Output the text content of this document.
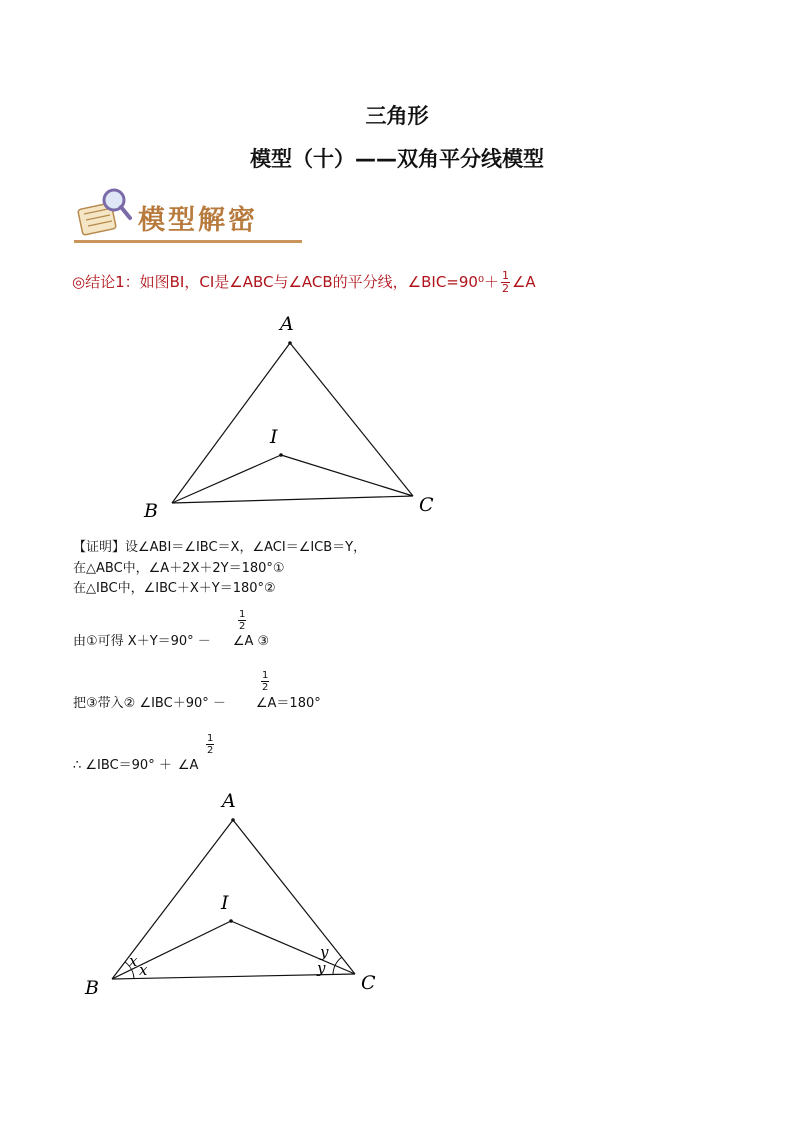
三角形
模型（十）——双角平分线模型
模型解密
◎结论1：如图BI，CI是∠ABC与∠ACB的平分线，∠BIC=90⁰＋ $\frac{1}{2}$ ∠A
A
B	C
I
【证明】设∠ABI＝∠IBC＝X，∠ACI＝∠ICB＝Y，
在△ABC中，∠A＋2X＋2Y＝180°①
在△IBC中，∠IBC＋X＋Y＝180°②
由①可得 X＋Y＝90° － ∠A ③
1
2
把③带入② ∠IBC＋90° － ∠A＝180°
1
2
∴ ∠IBC＝90° ＋ ∠A
1
2
A
B	C
I
x x
y
y
